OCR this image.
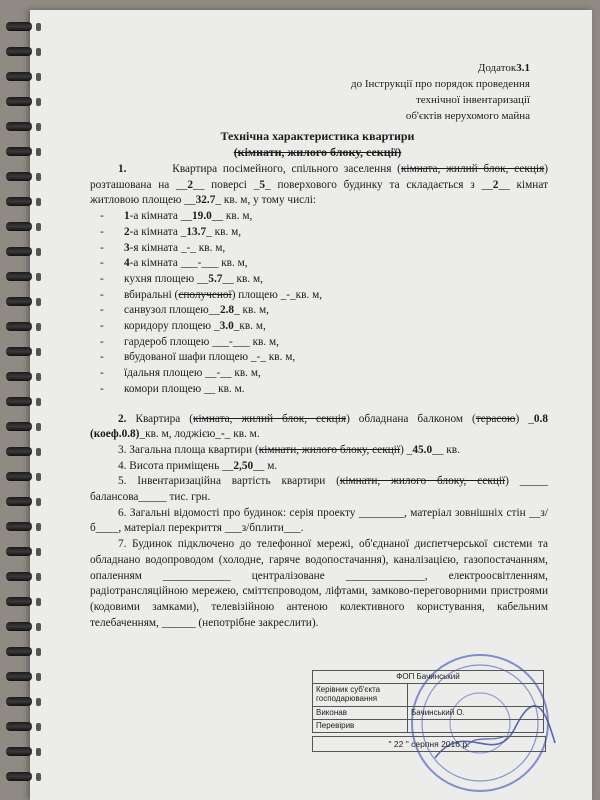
Додаток3.1
до Інструкції про порядок проведення
технічної інвентаризації
об'єктів нерухомого майна
Технічна характеристика квартири
(кімнати, жилого блоку, секції)

1.	Квартира посімейного, спільного заселення (кімната, жилий блок, секція) розташована на __2__ поверсі _5_ поверхового будинку та складається з __2__ кімнат житловою площею __32.7_ кв. м, у тому числі:

- 1-а кімната __19.0__ кв. м,
- 2-а кімната _13.7_ кв. м,
- 3-я кімната _-_ кв. м,
- 4-а кімната ___-___ кв. м,
- кухня площею __5.7__ кв. м,
- вбиральні (сполученої) площею _-_кв. м,
- санвузол площею__2.8_ кв. м,
- коридору площею _3.0_кв. м,
- гардероб площею ___-___ кв. м,
- вбудованої шафи площею _-_ кв. м,
- їдальня площею __-__ кв. м,
- комори площею __ кв. м.

2. Квартира (кімната, жилий блок, секція) обладнана балконом (терасою) _0.8 (коеф.0.8)_кв. м, лоджією_-_ кв. м.

3. Загальна площа квартири (кімнати, жилого блоку, секції) _45.0__ кв.

4. Висота приміщень __2,50__ м.

5. Інвентаризаційна вартість квартири (кімнати, жилого блоку, секції) _____ балансова_____ тис. грн.

6. Загальні відомості про будинок: серія проекту ________, матеріал зовнішніх стін __з/б____, матеріал перекриття ___з/бплити___.

7. Будинок підключено до телефонної мережі, об'єднаної диспетчерської системи та обладнано водопроводом (холодне, гаряче водопостачання), каналізацією, газопостачанням, опаленням ____________ централізоване ______________, електроосвітленням, радіотрансляційною мережею, сміттєпроводом, ліфтами, замково-переговорними пристроями (кодовими замками), телевізійною антеною колективного користування, кабельним телебаченням, ______ (непотрібне закреслити).

ФОП Бачинський	
Керівник суб'єкта господарювання	
Виконав	Бачинський О.
Перевірив	
" 22 " серпня 2016 р.
